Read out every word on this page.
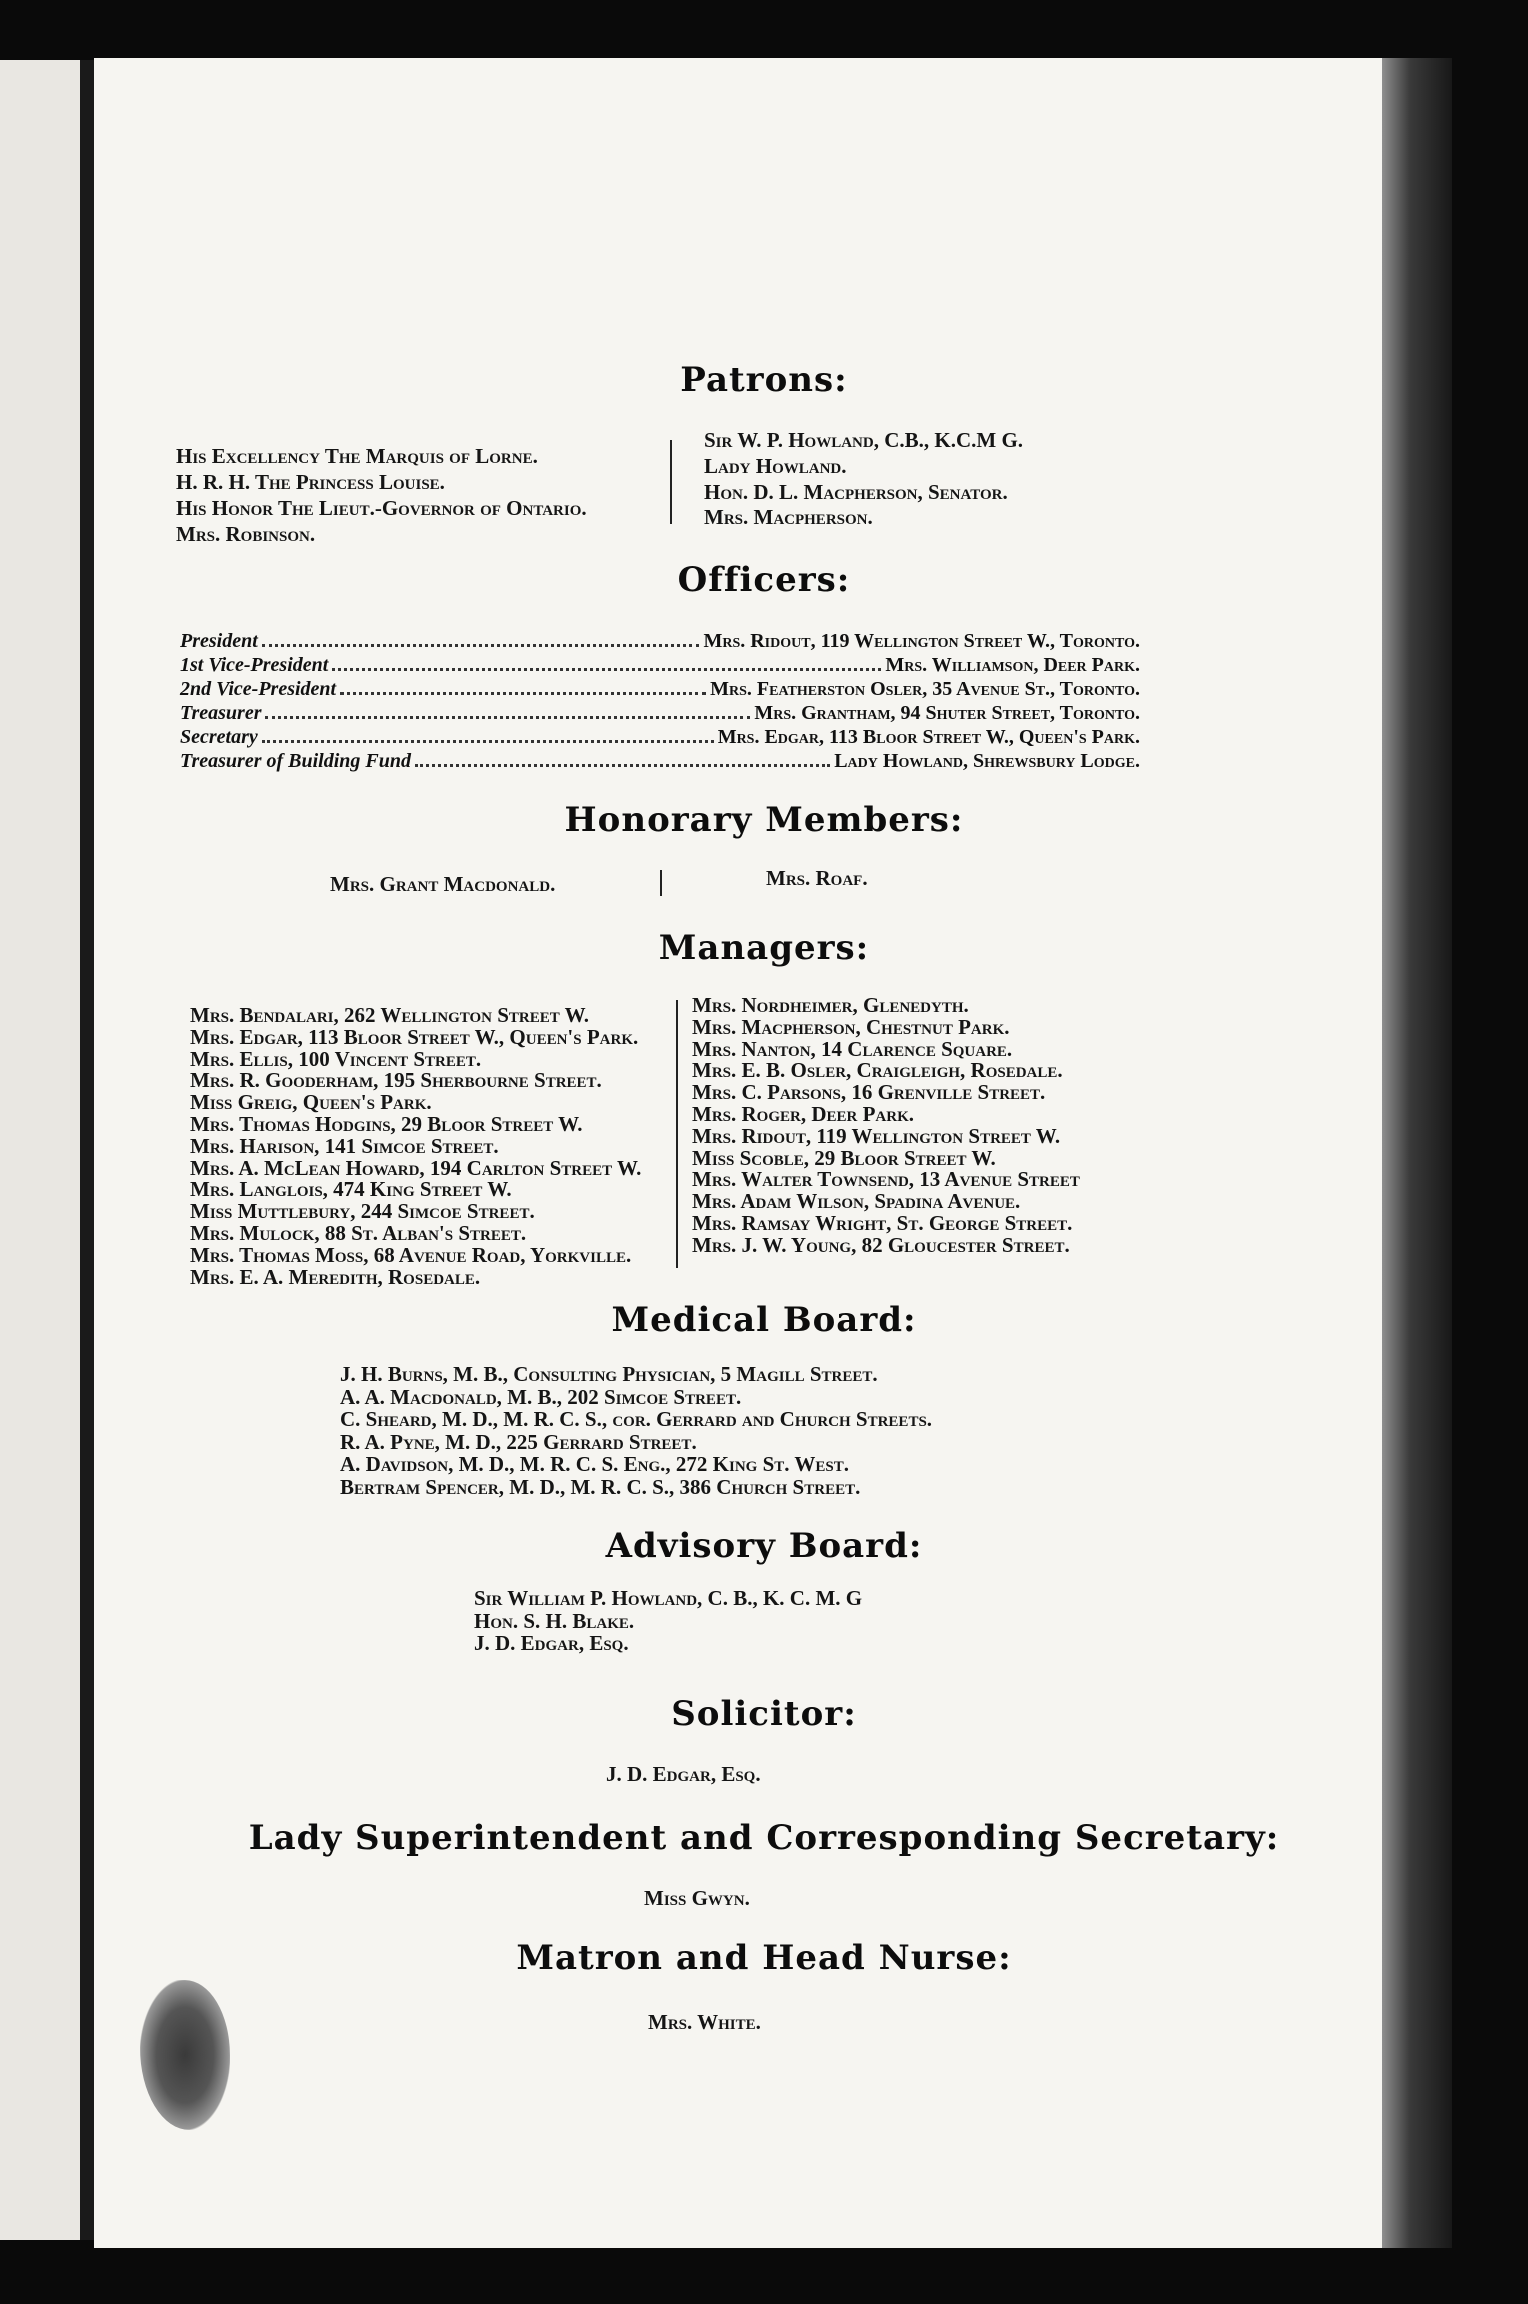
Patrons:
His Excellency The Marquis of Lorne.
H. R. H. The Princess Louise.
His Honor The Lieut.-Governor of Ontario.
Mrs. Robinson.
Sir W. P. Howland, C.B., K.C.M G.
Lady Howland.
Hon. D. L. Macpherson, Senator.
Mrs. Macpherson.
Officers:
President	Mrs. Ridout, 119 Wellington Street W., Toronto.
1st Vice-President	Mrs. Williamson, Deer Park.
2nd Vice-President	Mrs. Featherston Osler, 35 Avenue St., Toronto.
Treasurer	Mrs. Grantham, 94 Shuter Street, Toronto.
Secretary	Mrs. Edgar, 113 Bloor Street W., Queen's Park.
Treasurer of Building Fund	Lady Howland, Shrewsbury Lodge.
Honorary Members:
Mrs. Grant Macdonald.	Mrs. Roaf.
Managers:
Mrs. Bendalari, 262 Wellington Street W.
Mrs. Edgar, 113 Bloor Street W., Queen's Park.
Mrs. Ellis, 100 Vincent Street.
Mrs. R. Gooderham, 195 Sherbourne Street.
Miss Greig, Queen's Park.
Mrs. Thomas Hodgins, 29 Bloor Street W.
Mrs. Harison, 141 Simcoe Street.
Mrs. A. McLean Howard, 194 Carlton Street W.
Mrs. Langlois, 474 King Street W.
Miss Muttlebury, 244 Simcoe Street.
Mrs. Mulock, 88 St. Alban's Street.
Mrs. Thomas Moss, 68 Avenue Road, Yorkville.
Mrs. E. A. Meredith, Rosedale.
Mrs. Nordheimer, Glenedyth.
Mrs. Macpherson, Chestnut Park.
Mrs. Nanton, 14 Clarence Square.
Mrs. E. B. Osler, Craigleigh, Rosedale.
Mrs. C. Parsons, 16 Grenville Street.
Mrs. Roger, Deer Park.
Mrs. Ridout, 119 Wellington Street W.
Miss Scoble, 29 Bloor Street W.
Mrs. Walter Townsend, 13 Avenue Street
Mrs. Adam Wilson, Spadina Avenue.
Mrs. Ramsay Wright, St. George Street.
Mrs. J. W. Young, 82 Gloucester Street.
Medical Board:
J. H. Burns, M. B., Consulting Physician, 5 Magill Street.
A. A. Macdonald, M. B., 202 Simcoe Street.
C. Sheard, M. D., M. R. C. S., cor. Gerrard and Church Streets.
R. A. Pyne, M. D., 225 Gerrard Street.
A. Davidson, M. D., M. R. C. S. Eng., 272 King St. West.
Bertram Spencer, M. D., M. R. C. S., 386 Church Street.
Advisory Board:
Sir William P. Howland, C. B., K. C. M. G
Hon. S. H. Blake.
J. D. Edgar, Esq.
Solicitor:
J. D. Edgar, Esq.
Lady Superintendent and Corresponding Secretary:
Miss Gwyn.
Matron and Head Nurse:
Mrs. White.
